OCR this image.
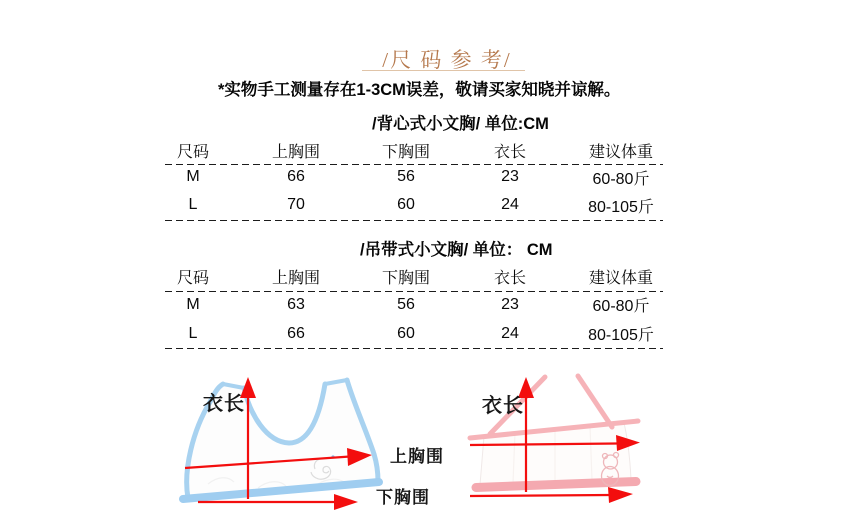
/尺 码 参 考/
*实物手工测量存在1-3CM误差，敬请买家知晓并谅解。
/背心式小文胸/ 单位:CM
尺码	上胸围	下胸围	衣长	建议体重
M	66	56	23	60-80斤
L	70	60	24	80-105斤
/吊带式小文胸/ 单位： CM
尺码	上胸围	下胸围	衣长	建议体重
M	63	56	23	60-80斤
L	66	60	24	80-105斤
衣长
上胸围
下胸围
衣长
